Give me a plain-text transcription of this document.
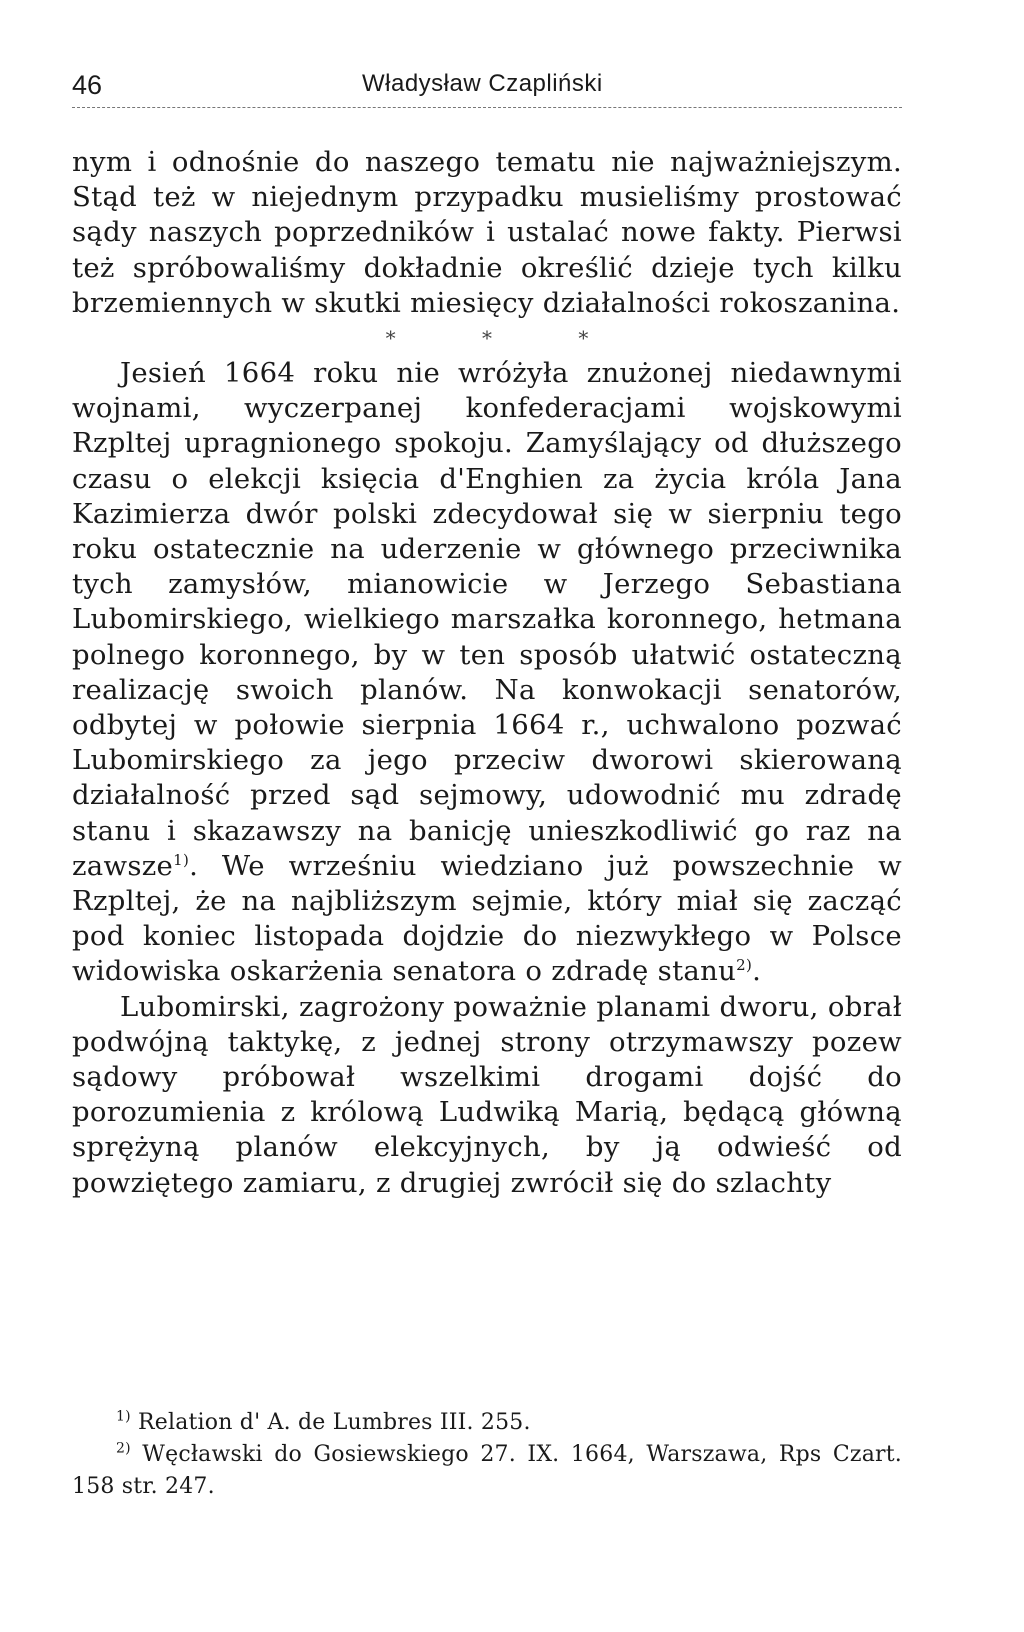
46	Władysław Czapliński

nym i odnośnie do naszego tematu nie najważniejszym. Stąd też w niejednym przypadku musieliśmy prostować sądy naszych poprzedników i ustalać nowe fakty. Pierwsi też spróbowaliśmy dokładnie określić dzieje tych kilku brzemiennych w skutki miesięcy działalności rokoszanina.

* * *

Jesień 1664 roku nie wróżyła znużonej niedawnymi wojnami, wyczerpanej konfederacjami wojskowymi Rzpltej upragnionego spokoju. Zamyślający od dłuższego czasu o elekcji księcia d'Enghien za życia króla Jana Kazimierza dwór polski zdecydował się w sierpniu tego roku ostatecznie na uderzenie w głównego przeciwnika tych zamysłów, mianowicie w Jerzego Sebastiana Lubomirskiego, wielkiego marszałka koronnego, hetmana polnego koronnego, by w ten sposób ułatwić ostateczną realizację swoich planów. Na konwokacji senatorów, odbytej w połowie sierpnia 1664 r., uchwalono pozwać Lubomirskiego za jego przeciw dworowi skierowaną działalność przed sąd sejmowy, udowodnić mu zdradę stanu i skazawszy na banicję unieszkodliwić go raz na zawsze$^{1)}$. We wrześniu wiedziano już powszechnie w Rzpltej, że na najbliższym sejmie, który miał się zacząć pod koniec listopada dojdzie do niezwykłego w Polsce widowiska oskarżenia senatora o zdradę stanu$^{2)}$.

Lubomirski, zagrożony poważnie planami dworu, obrał podwójną taktykę, z jednej strony otrzymawszy pozew sądowy próbował wszelkimi drogami dojść do porozumienia z królową Ludwiką Marią, będącą główną sprężyną planów elekcyjnych, by ją odwieść od powziętego zamiaru, z drugiej zwrócił się do szlachty

$^{1)}$ Relation d' A. de Lumbres III. 255.

$^{2)}$ Węcławski do Gosiewskiego 27. IX. 1664, Warszawa, Rps Czart. 158 str. 247.
